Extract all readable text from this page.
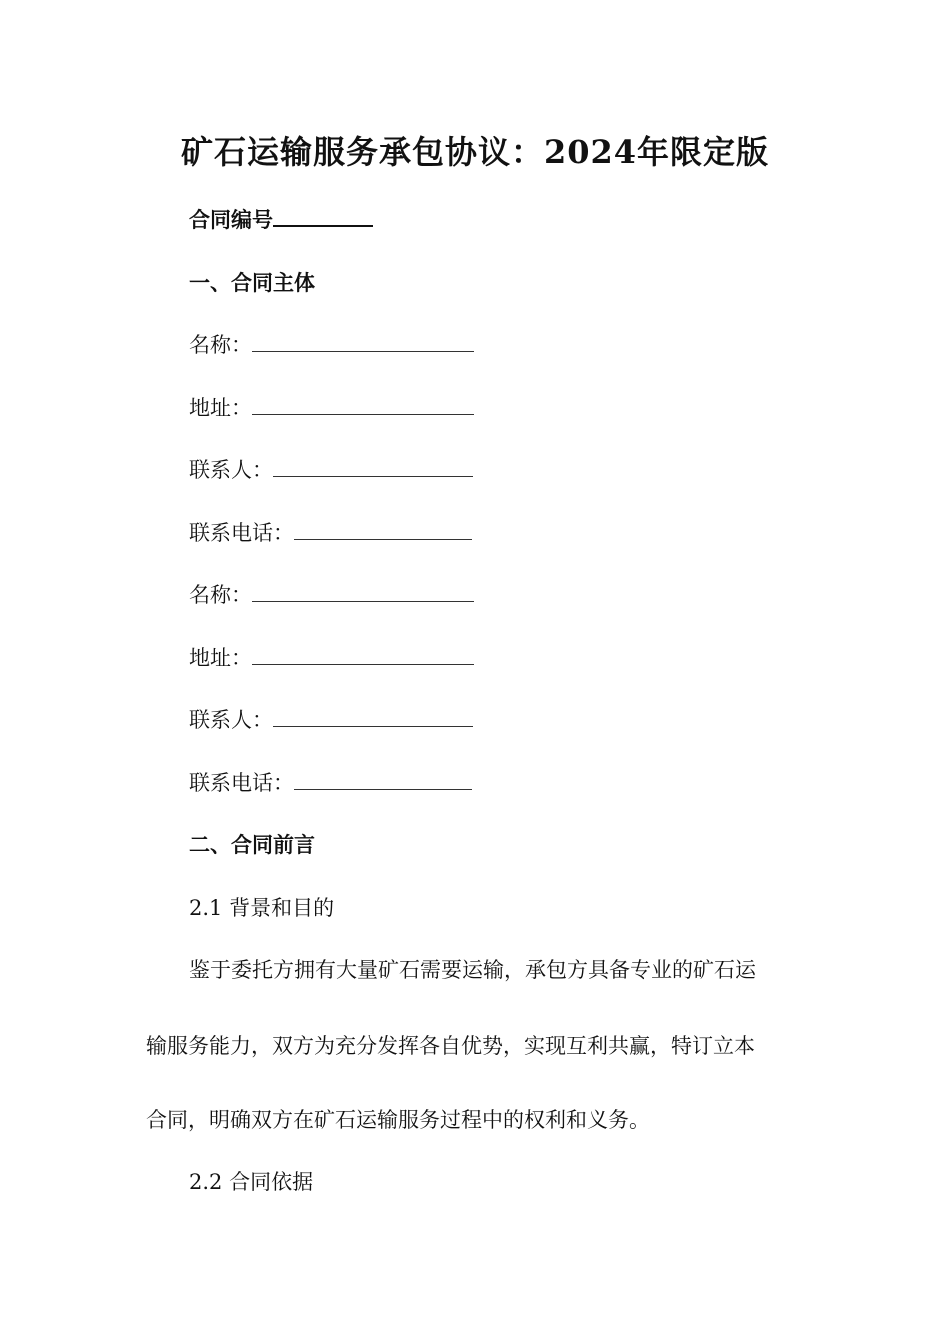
矿石运输服务承包协议：2024年限定版
合同编号
一、合同主体
名称：
地址：
联系人：
联系电话：
名称：
地址：
联系人：
联系电话：
二、合同前言
2.1 背景和目的
鉴于委托方拥有大量矿石需要运输，承包方具备专业的矿石运
输服务能力，双方为充分发挥各自优势，实现互利共赢，特订立本
合同，明确双方在矿石运输服务过程中的权利和义务。
2.2 合同依据
